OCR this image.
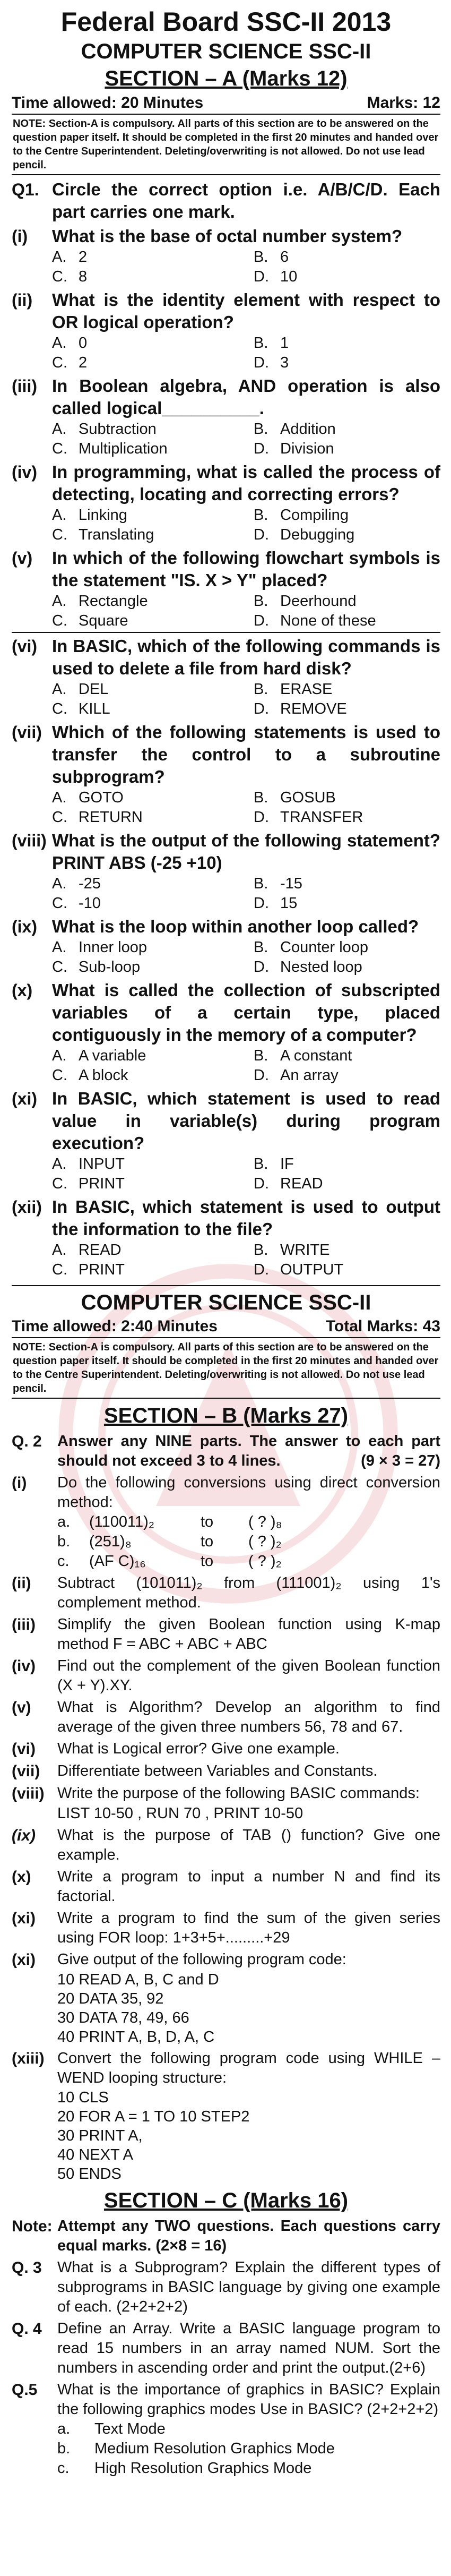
Federal Board SSC-II 2013
COMPUTER SCIENCE SSC-II
SECTION – A (Marks 12)
Time allowed: 20 Minutes	Marks: 12
NOTE: Section-A is compulsory. All parts of this section are to be answered on the question paper itself. It should be completed in the first 20 minutes and handed over to the Centre Superintendent. Deleting/overwriting is not allowed. Do not use lead pencil.
Q1. Circle the correct option i.e. A/B/C/D. Each part carries one mark.
(i)	What is the base of octal number system?
A. 2	B. 6
C. 8	D. 10
(ii)	What is the identity element with respect to OR logical operation?
A. 0	B. 1
C. 2	D. 3
(iii) In Boolean algebra, AND operation is also called logical__________.
A. Subtraction	B. Addition
C. Multiplication	D. Division
(iv) In programming, what is called the process of detecting, locating and correcting errors?
A. Linking	B. Compiling
C. Translating	D. Debugging
(v)	In which of the following flowchart symbols is the statement "IS. X > Y" placed?
A. Rectangle	B. Deerhound
C. Square	D. None of these
(vi) In BASIC, which of the following commands is used to delete a file from hard disk?
A. DEL	B. ERASE
C. KILL	D. REMOVE
(vii) Which of the following statements is used to transfer the control to a subroutine subprogram?
A. GOTO	B. GOSUB
C. RETURN	D. TRANSFER
(viii) What is the output of the following statement? PRINT ABS (-25 +10)
A. -25	B. -15
C. -10	D. 15
(ix) What is the loop within another loop called?
A. Inner loop	B. Counter loop
C. Sub-loop	D. Nested loop
(x)	What is called the collection of subscripted variables of a certain type, placed contiguously in the memory of a computer?
A. A variable	B. A constant
C. A block	D. An array
(xi) In BASIC, which statement is used to read value in variable(s) during program execution?
A. INPUT	B. IF
C. PRINT	D. READ
(xii) In BASIC, which statement is used to output the information to the file?
A. READ	B. WRITE
C. PRINT	D. OUTPUT
COMPUTER SCIENCE SSC-II
Time allowed: 2:40 Minutes	Total Marks: 43
NOTE: Section-A is compulsory. All parts of this section are to be answered on the question paper itself. It should be completed in the first 20 minutes and handed over to the Centre Superintendent. Deleting/overwriting is not allowed. Do not use lead pencil.
SECTION – B (Marks 27)
Q. 2	Answer any NINE parts. The answer to each part should not exceed 3 to 4 lines.	(9 × 3 = 27)
(i)	Do the following conversions using direct conversion method:
a.	(110011)₂	to	( ? )₈
b.	(251)₈	to	( ? )₂
c.	(AF C)₁₆	to	( ? )₂
(ii)	Subtract (101011)₂ from (111001)₂ using 1's complement method.
(iii)	Simplify the given Boolean function using K-map method F = ABC + ABC + ABC
(iv)	Find out the complement of the given Boolean function (X + Y).XY.
(v)	What is Algorithm? Develop an algorithm to find average of the given three numbers 56, 78 and 67.
(vi)	What is Logical error? Give one example.
(vii)	Differentiate between Variables and Constants.
(viii) Write the purpose of the following BASIC commands:
LIST 10-50 , RUN 70 , PRINT 10-50
(ix)	What is the purpose of TAB () function? Give one example.
(x)	Write a program to input a number N and find its factorial.
(xi)	Write a program to find the sum of the given series using FOR loop: 1+3+5+.........+29
(xi)	Give output of the following program code:
10 READ A, B, C and D
20 DATA 35, 92
30 DATA 78, 49, 66
40 PRINT A, B, D, A, C
(xiii) Convert the following program code using WHILE – WEND looping structure:
10 CLS
20 FOR A = 1 TO 10 STEP2
30 PRINT A,
40 NEXT A
50 ENDS
SECTION – C (Marks 16)
Note: Attempt any TWO questions. Each questions carry equal marks. (2×8 = 16)
Q. 3	What is a Subprogram? Explain the different types of subprograms in BASIC language by giving one example of each. (2+2+2+2)
Q. 4	Define an Array. Write a BASIC language program to read 15 numbers in an array named NUM. Sort the numbers in ascending order and print the output.(2+6)
Q.5	What is the importance of graphics in BASIC? Explain the following graphics modes Use in BASIC? (2+2+2+2)
a.	Text Mode
b.	Medium Resolution Graphics Mode
c.	High Resolution Graphics Mode
